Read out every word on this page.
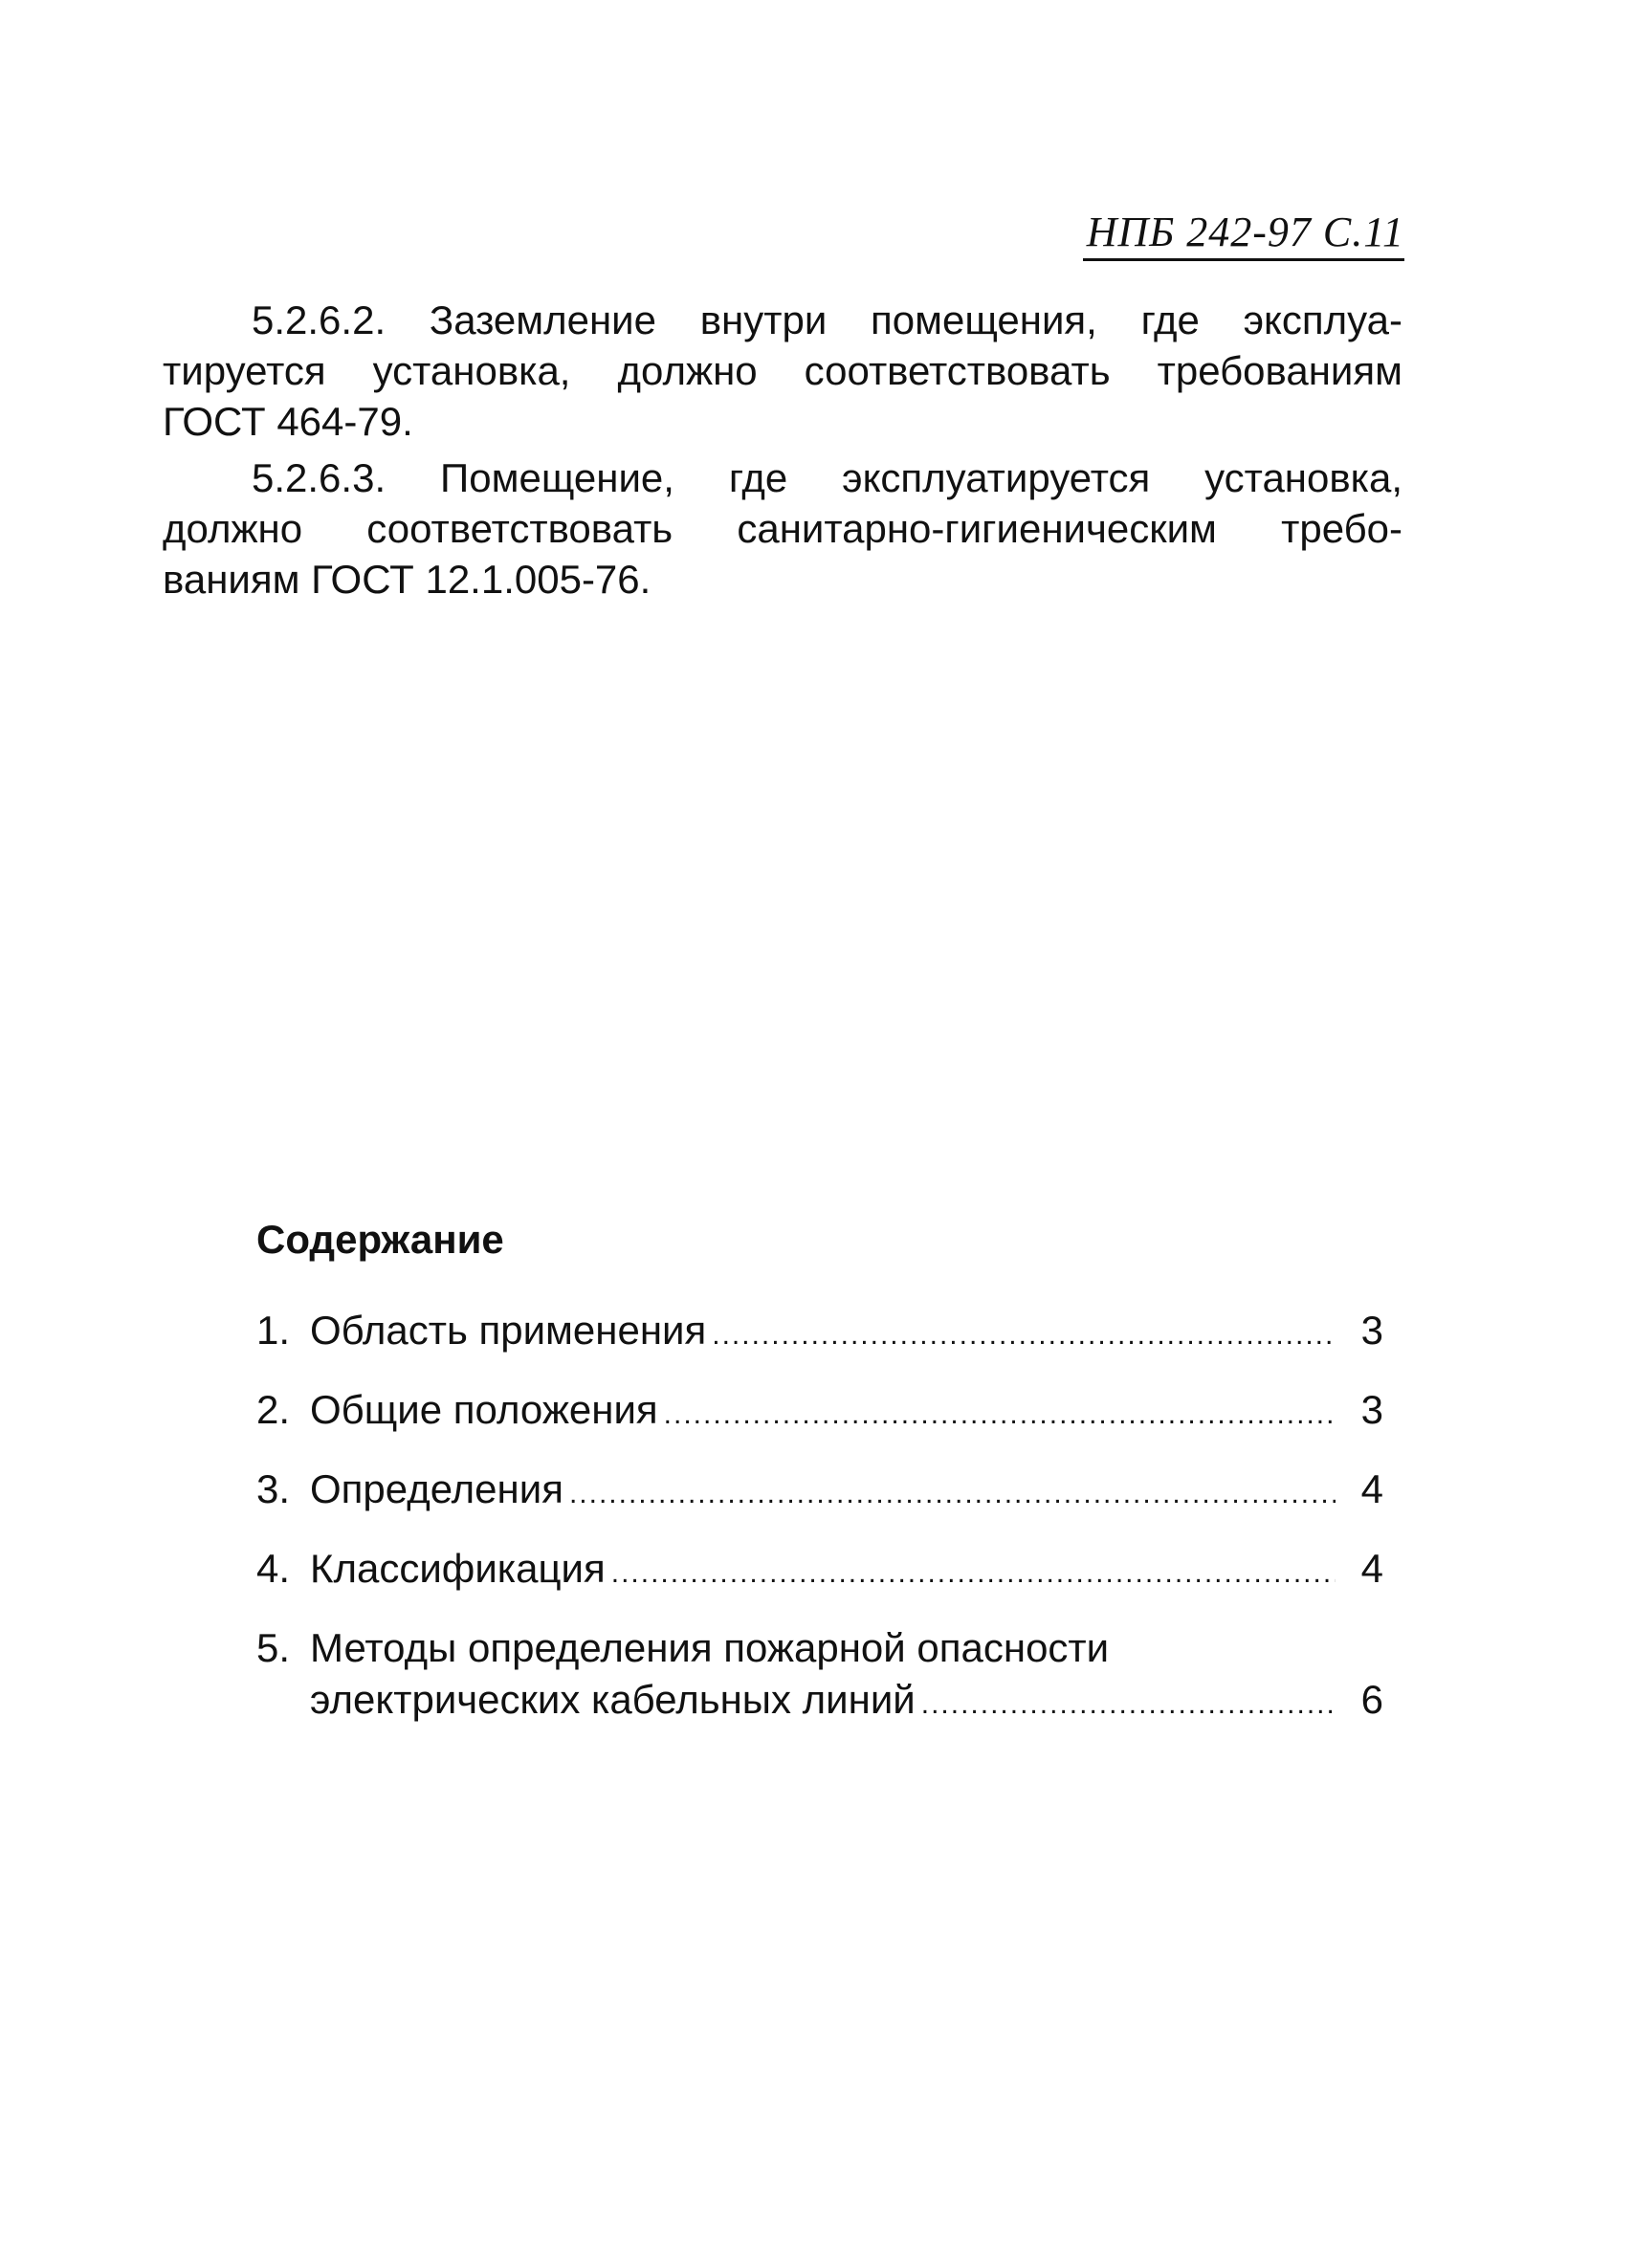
НПБ 242-97 С.11

5.2.6.2. Заземление внутри помещения, где эксплуа-
тируется установка, должно соответствовать требованиям
ГОСТ 464-79.

5.2.6.3. Помещение, где эксплуатируется установка,
должно соответствовать санитарно-гигиеническим требо-
ваниям ГОСТ 12.1.005-76.

Содержание
1. Область применения .....	3
2. Общие положения .....	3
3. Определения .....	4
4. Классификация .....	4
5. Методы определения пожарной опасности
электрических кабельных линий .....	6
